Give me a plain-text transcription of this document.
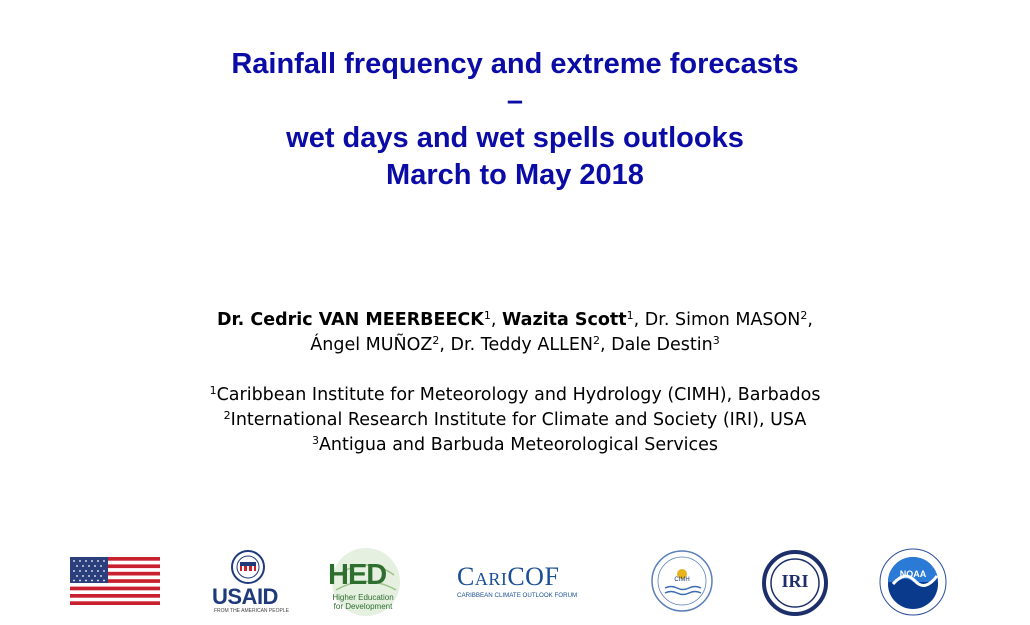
Rainfall frequency and extreme forecasts
–
wet days and wet spells outlooks
March to May 2018
Dr. Cedric VAN MEERBEECK$^1$, Wazita Scott$^1$, Dr. Simon MASON$^2$,
Ángel MUÑOZ$^2$, Dr. Teddy ALLEN$^2$, Dale Destin$^3$
$^1$Caribbean Institute for Meteorology and Hydrology (CIMH), Barbados
$^2$International Research Institute for Climate and Society (IRI), USA
$^3$Antigua and Barbuda Meteorological Services
USAID
FROM THE AMERICAN PEOPLE
HED
Higher Education
for Development
CariCOF
CARIBBEAN CLIMATE OUTLOOK FORUM
CIMH	IRI	NOAA
